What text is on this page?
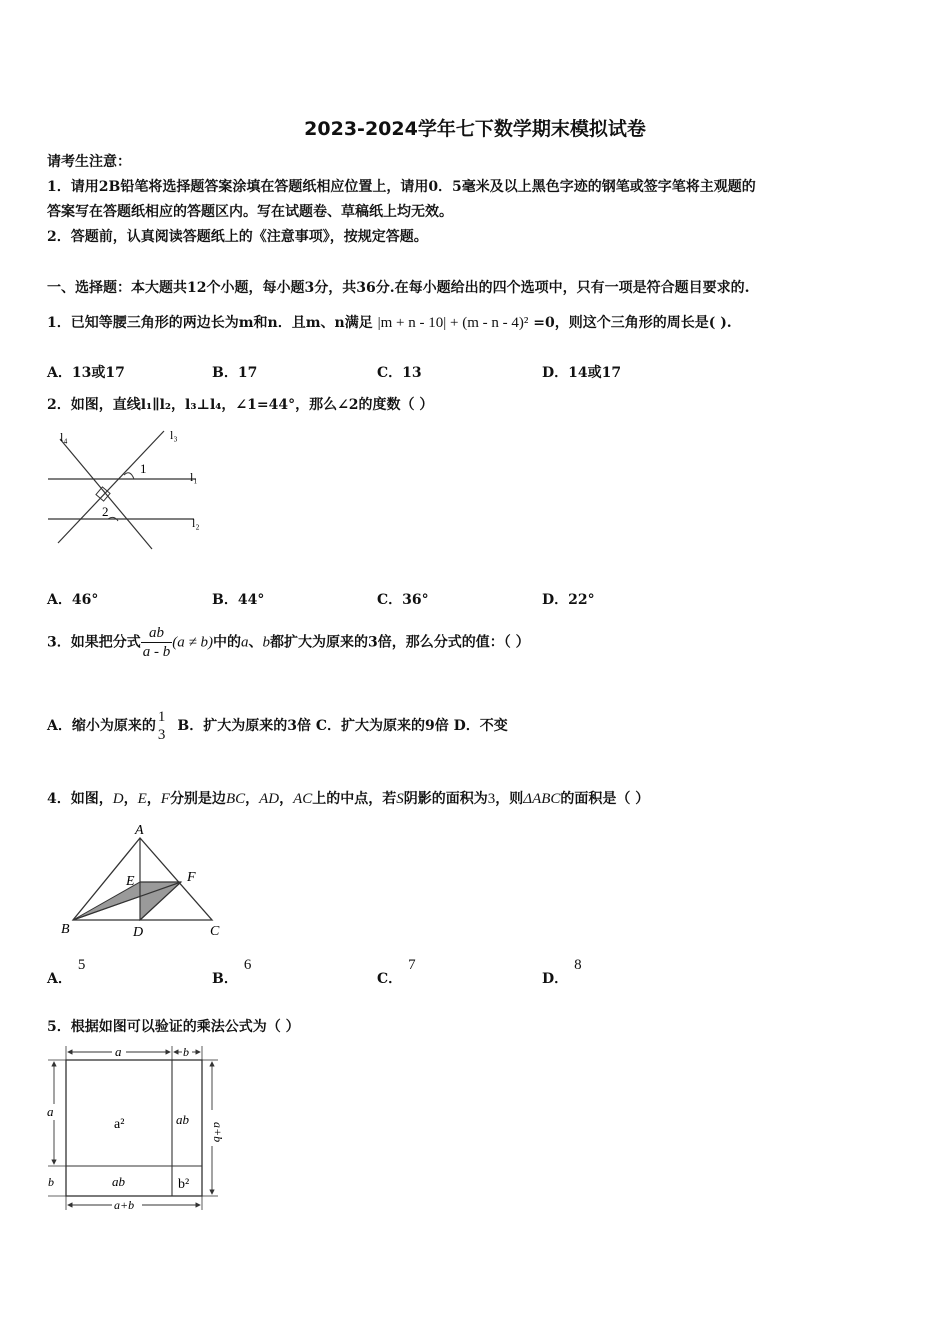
2023-2024学年七下数学期末模拟试卷
请考生注意：
1．请用2B铅笔将选择题答案涂填在答题纸相应位置上，请用0．5毫米及以上黑色字迹的钢笔或签字笔将主观题的
答案写在答题纸相应的答题区内。写在试题卷、草稿纸上均无效。
2．答题前，认真阅读答题纸上的《注意事项》，按规定答题。
一、选择题：本大题共12个小题，每小题3分，共36分.在每小题给出的四个选项中，只有一项是符合题目要求的.
1．已知等腰三角形的两边长为m和n．且m、n满足 |m + n - 10| + (m - n - 4)² =0，则这个三角形的周长是( ).
A．13或17	B．17	C．13	D．14或17
2．如图，直线l₁∥l₂，l₃⊥l₄，∠1=44°，那么∠2的度数（ ）
l₄	l₃
l₁
l₂
1
2
A．46°	B．44°	C．36°	D．22°
3．如果把分式 $\frac{ab}{a - b} (a \ne b)$中的a、b都扩大为原来的3倍，那么分式的值：（ ）
A．缩小为原来的
1
3
B．扩大为原来的3倍 C．扩大为原来的9倍 D．不变
4．如图，D，E，F分别是边BC，AD，AC上的中点，若S阴影的面积为3，则ΔABC的面积是（ ）
A
B	C
D
E	F
A．5
B．6
C．7
D．8
5．根据如图可以验证的乘法公式为（ ）
a	b
a
b
a+b
a+b
a²	ab
ab	b²
